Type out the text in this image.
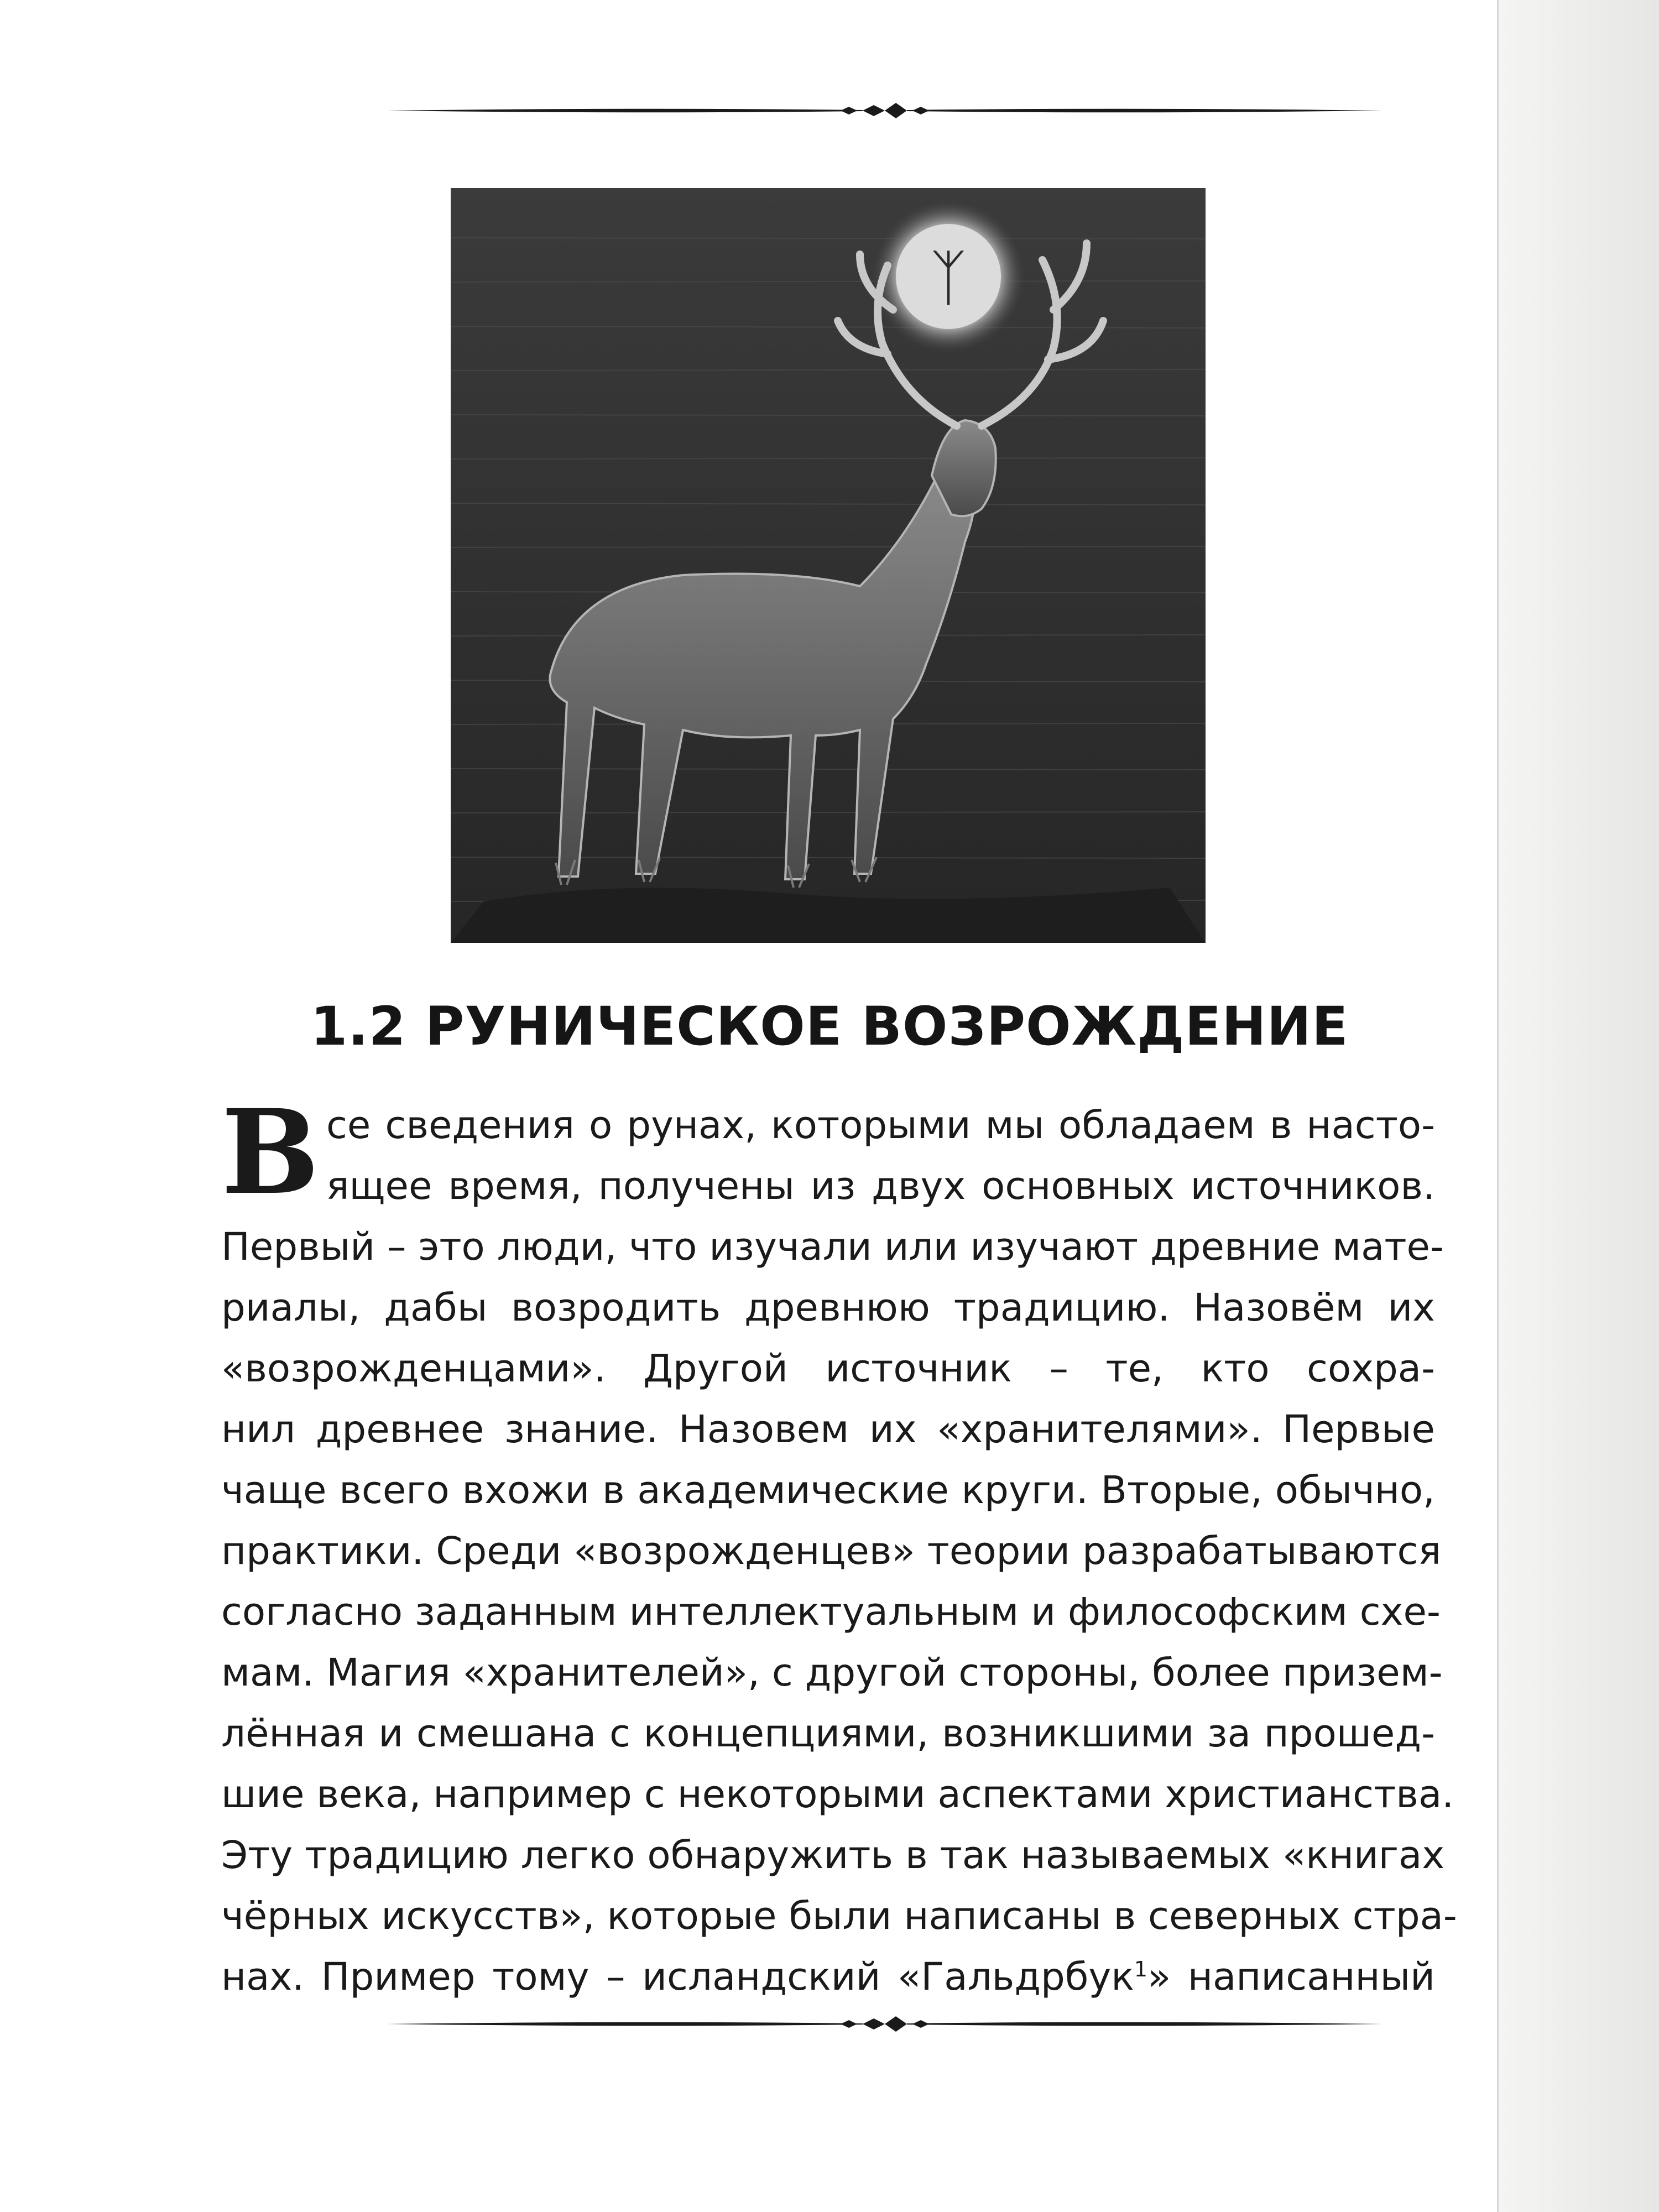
ᛉ
1.2 РУНИЧЕСКОЕ ВОЗРОЖДЕНИЕ
В се сведения о рунах, которыми мы обладаем в насто-
ящее время, получены из двух основных источников.
Первый – это люди, что изучали или изучают древние мате-
риалы, дабы возродить древнюю традицию. Назовём их
«возрожденцами». Другой источник – те, кто сохра-
нил древнее знание. Назовем их «хранителями». Первые
чаще всего вхожи в академические круги. Вторые, обычно,
практики. Среди «возрожденцев» теории разрабатываются
согласно заданным интеллектуальным и философским схе-
мам. Магия «хранителей», с другой стороны, более призем-
лённая и смешана с концепциями, возникшими за прошед-
шие века, например с некоторыми аспектами христианства.
Эту традицию легко обнаружить в так называемых «книгах
чёрных искусств», которые были написаны в северных стра-
нах. Пример тому – исландский «Гальдрбук$^1$» написанный
